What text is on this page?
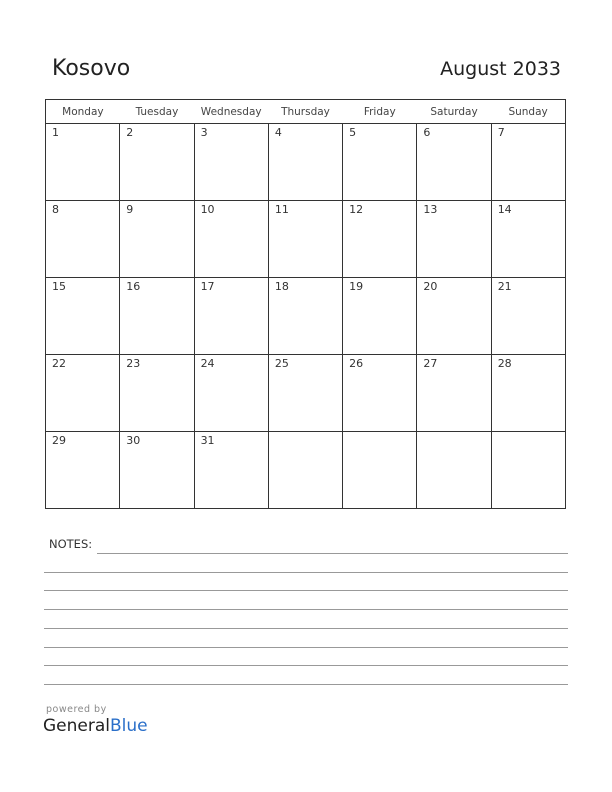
Kosovo	August 2033
Monday	Tuesday	Wednesday	Thursday	Friday	Saturday	Sunday

1	2	3	4	5	6	7

8	9	10	11	12	13	14

15	16	17	18	19	20	21

22	23	24	25	26	27	28

29	30	31				

NOTES:
powered by
GeneralBlue
